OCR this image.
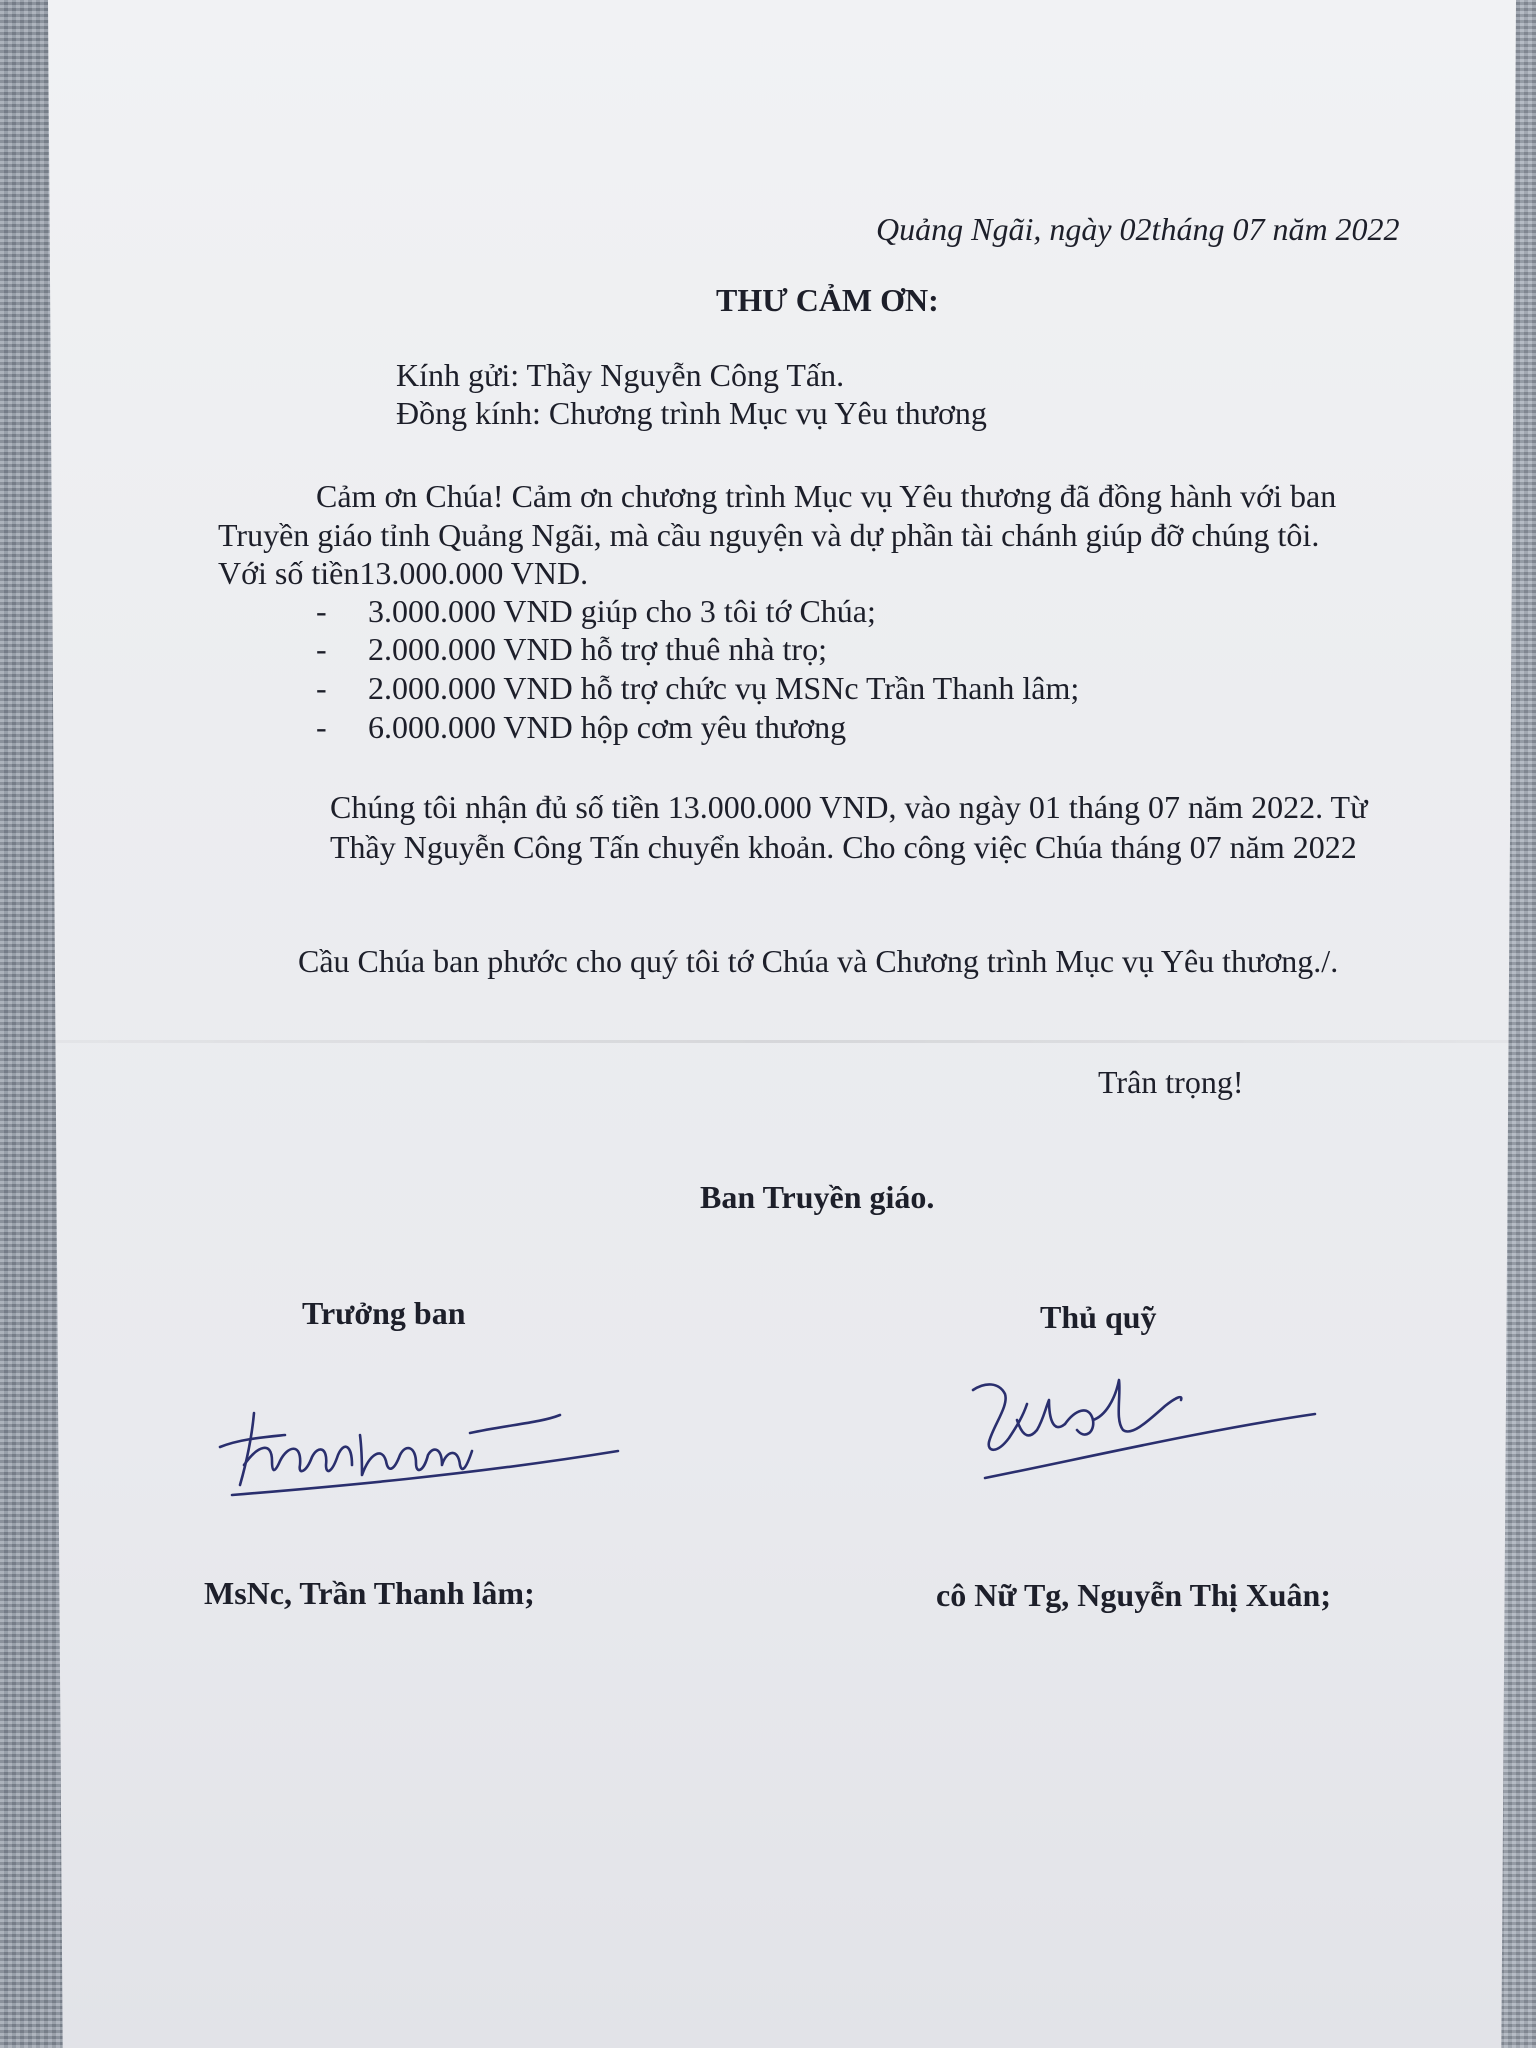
Quảng Ngãi, ngày 02tháng 07 năm 2022
THƯ CẢM ƠN:
Kính gửi: Thầy Nguyễn Công Tấn.
Đồng kính: Chương trình Mục vụ Yêu thương
Cảm ơn Chúa! Cảm ơn chương trình Mục vụ Yêu thương đã đồng hành với ban
Truyền giáo tỉnh Quảng Ngãi, mà cầu nguyện và dự phần tài chánh giúp đỡ chúng tôi.
Với số tiền13.000.000 VND.
- 3.000.000 VND giúp cho 3 tôi tớ Chúa;
- 2.000.000 VND hỗ trợ thuê nhà trọ;
- 2.000.000 VND hỗ trợ chức vụ MSNc Trần Thanh lâm;
- 6.000.000 VND hộp cơm yêu thương
Chúng tôi nhận đủ số tiền 13.000.000 VND, vào ngày 01 tháng 07 năm 2022. Từ
Thầy Nguyễn Công Tấn chuyển khoản. Cho công việc Chúa tháng 07 năm 2022
Cầu Chúa ban phước cho quý tôi tớ Chúa và Chương trình Mục vụ Yêu thương./.
Trân trọng!
Ban Truyền giáo.
Trưởng ban	Thủ quỹ
MsNc, Trần Thanh lâm;	cô Nữ Tg, Nguyễn Thị Xuân;
